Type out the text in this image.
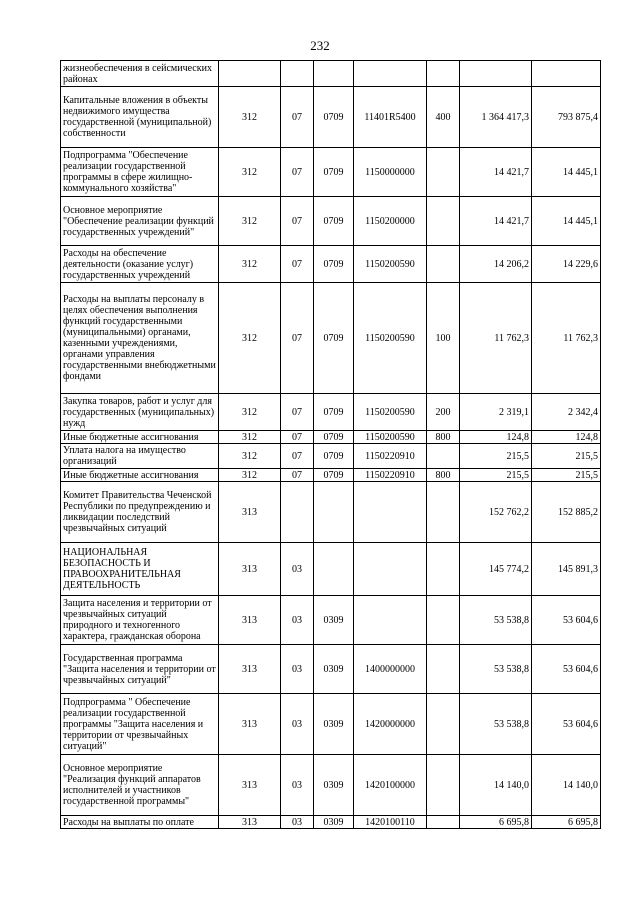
232
жизнеобеспечения в сейсмических районах							
Капитальные вложения в объекты недвижимого имущества государственной (муниципальной) собственности	312	07	0709	11401R5400	400	1 364 417,3	793 875,4
Подпрограмма "Обеспечение реализации государственной программы в сфере жилищно-коммунального хозяйства"	312	07	0709	1150000000		14 421,7	14 445,1
Основное мероприятие "Обеспечение реализации функций государственных учреждений"	312	07	0709	1150200000		14 421,7	14 445,1
Расходы на обеспечение деятельности (оказание услуг) государственных учреждений	312	07	0709	1150200590		14 206,2	14 229,6
Расходы на выплаты персоналу в целях обеспечения выполнения функций государственными (муниципальными) органами, казенными учреждениями, органами управления государственными внебюджетными фондами	312	07	0709	1150200590	100	11 762,3	11 762,3
Закупка товаров, работ и услуг для государственных (муниципальных) нужд	312	07	0709	1150200590	200	2 319,1	2 342,4
Иные бюджетные ассигнования	312	07	0709	1150200590	800	124,8	124,8
Уплата налога на имущество организаций	312	07	0709	1150220910		215,5	215,5
Иные бюджетные ассигнования	312	07	0709	1150220910	800	215,5	215,5
Комитет Правительства Чеченской Республики по предупреждению и ликвидации последствий чрезвычайных ситуаций	313					152 762,2	152 885,2
НАЦИОНАЛЬНАЯ БЕЗОПАСНОСТЬ И ПРАВООХРАНИТЕЛЬНАЯ ДЕЯТЕЛЬНОСТЬ	313	03				145 774,2	145 891,3
Защита населения и территории от чрезвычайных ситуаций природного и техногенного характера, гражданская оборона	313	03	0309			53 538,8	53 604,6
Государственная программа "Защита населения и территории от чрезвычайных ситуаций"	313	03	0309	1400000000		53 538,8	53 604,6
Подпрограмма " Обеспечение реализации государственной программы "Защита населения и территории от чрезвычайных ситуаций"	313	03	0309	1420000000		53 538,8	53 604,6
Основное мероприятие "Реализация функций аппаратов исполнителей и участников государственной программы"	313	03	0309	1420100000		14 140,0	14 140,0
Расходы на выплаты по оплате	313	03	0309	1420100110		6 695,8	6 695,8
